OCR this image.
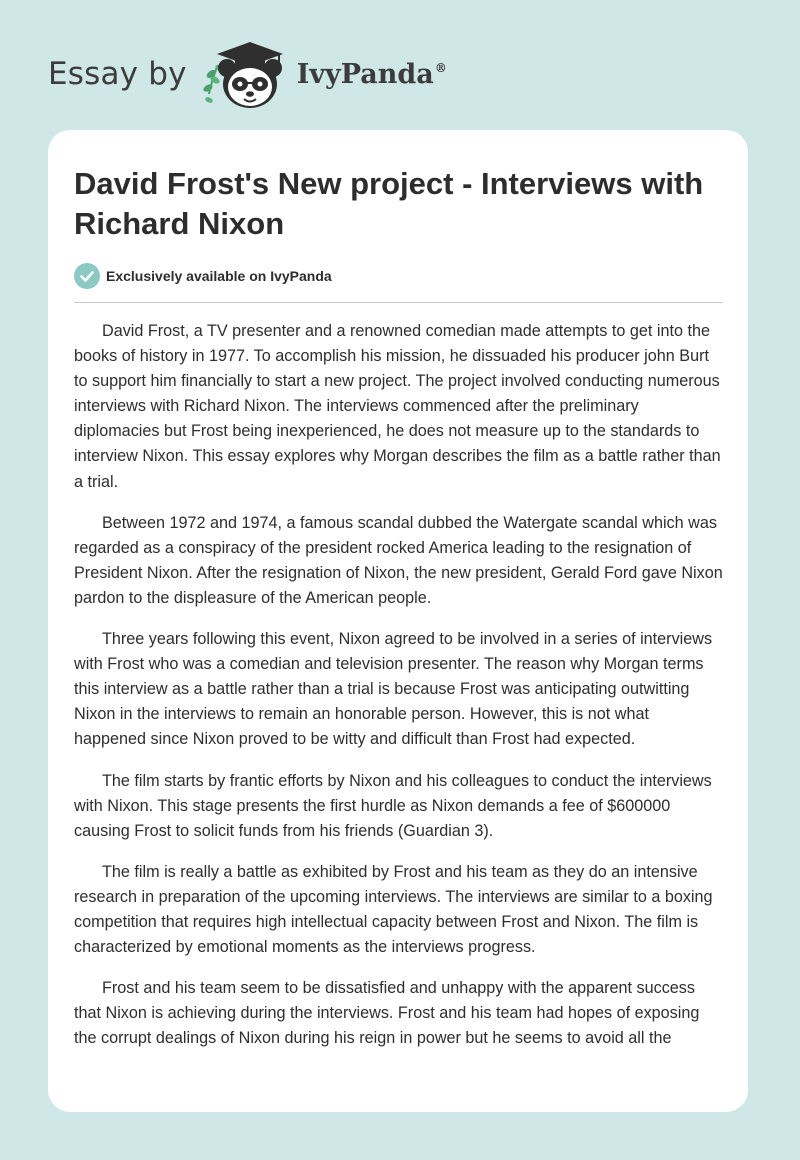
Essay by	IvyPanda®
David Frost's New project - Interviews with Richard Nixon
Exclusively available on IvyPanda

David Frost, a TV presenter and a renowned comedian made attempts to get into the books of history in 1977. To accomplish his mission, he dissuaded his producer john Burt to support him financially to start a new project. The project involved conducting numerous interviews with Richard Nixon. The interviews commenced after the preliminary diplomacies but Frost being inexperienced, he does not measure up to the standards to interview Nixon. This essay explores why Morgan describes the film as a battle rather than a trial.

Between 1972 and 1974, a famous scandal dubbed the Watergate scandal which was regarded as a conspiracy of the president rocked America leading to the resignation of President Nixon. After the resignation of Nixon, the new president, Gerald Ford gave Nixon pardon to the displeasure of the American people.

Three years following this event, Nixon agreed to be involved in a series of interviews with Frost who was a comedian and television presenter. The reason why Morgan terms this interview as a battle rather than a trial is because Frost was anticipating outwitting Nixon in the interviews to remain an honorable person. However, this is not what happened since Nixon proved to be witty and difficult than Frost had expected.

The film starts by frantic efforts by Nixon and his colleagues to conduct the interviews with Nixon. This stage presents the first hurdle as Nixon demands a fee of $600000 causing Frost to solicit funds from his friends (Guardian 3).

The film is really a battle as exhibited by Frost and his team as they do an intensive research in preparation of the upcoming interviews. The interviews are similar to a boxing competition that requires high intellectual capacity between Frost and Nixon. The film is characterized by emotional moments as the interviews progress.

Frost and his team seem to be dissatisfied and unhappy with the apparent success that Nixon is achieving during the interviews. Frost and his team had hopes of exposing the corrupt dealings of Nixon during his reign in power but he seems to avoid all the
